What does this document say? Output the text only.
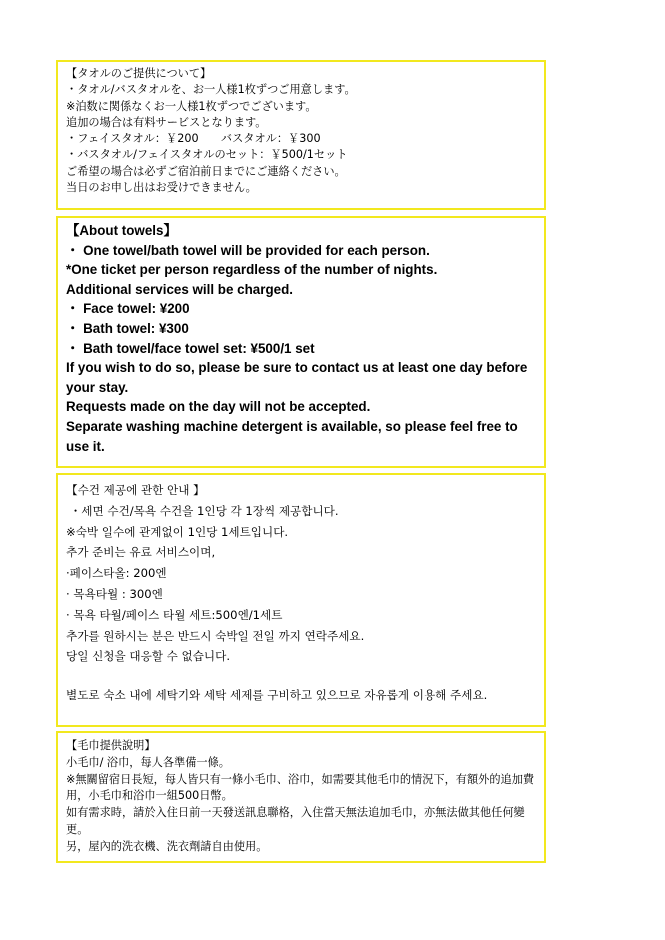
【タオルのご提供について】
・タオル/バスタオルを、お一人様1枚ずつご用意します。
※泊数に関係なくお一人様1枚ずつでございます。
追加の場合は有料サービスとなります。
・フェイスタオル：￥200　　バスタオル：￥300
・バスタオル/フェイスタオルのセット：￥500/1セット
ご希望の場合は必ずご宿泊前日までにご連絡ください。
当日のお申し出はお受けできません。
【About towels】
・ One towel/bath towel will be provided for each person.
*One ticket per person regardless of the number of nights.
Additional services will be charged.
・ Face towel: ¥200
・ Bath towel: ¥300
・ Bath towel/face towel set: ¥500/1 set
If you wish to do so, please be sure to contact us at least one day before your stay.
Requests made on the day will not be accepted.
Separate washing machine detergent is available, so please feel free to use it.
【수건 제공에 관한 안내 】
・세면 수건/목욕 수건을 1인당 각 1장씩 제공합니다.
※숙박 일수에 관계없이 1인당 1세트입니다.
추가 준비는 유료 서비스이며,
·페이스타올: 200엔
· 목욕타월 : 300엔
· 목욕 타월/페이스 타월 세트:500엔/1세트
추가를 원하시는 분은 반드시 숙박일 전일 까지 연락주세요.
당일 신청을 대응할 수 없습니다.
별도로 숙소 내에 세탁기와 세탁 세제를 구비하고 있으므로 자유롭게 이용해 주세요.
【毛巾提供說明】
小毛巾/ 浴巾，每人各準備一條。
※無關留宿日長短，每人皆只有一條小毛巾、浴巾，如需要其他毛巾的情況下，有額外的追加費用，小毛巾和浴巾一組500日幣。
如有需求時，請於入住日前一天發送訊息聯格，入住當天無法追加毛巾，亦無法做其他任何變更。
另，屋內的洗衣機、洗衣劑請自由使用。
